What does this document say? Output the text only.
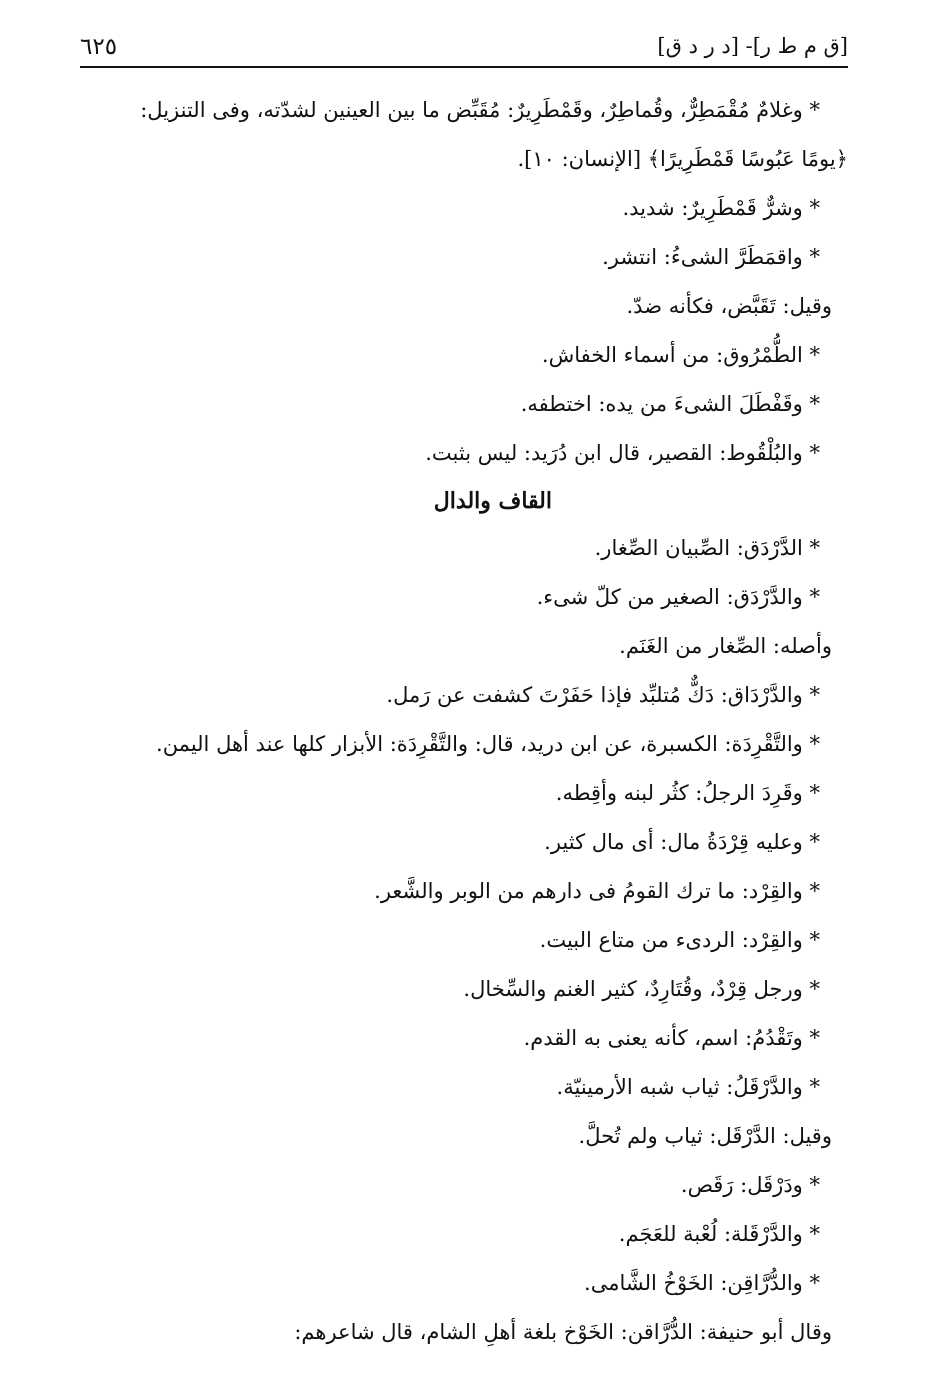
[ق م ط ر]- [د ر د ق]
٦٢٥
* وغلامٌ مُقْمَطِرٌّ، وقُماطِرٌ، وقَمْطَرِيرٌ: مُقَبِّض ما بين العينين لشدّته، وفى التنزيل:
﴿يومًا عَبُوسًا قَمْطَرِيرًا﴾ [الإنسان: ١٠].
* وشرٌّ قَمْطَرِيرٌ: شديد.
* واقمَطَرَّ الشىءُ: انتشر.
وقيل: تَقَبَّض، فكأنه ضدّ.
* الطُّمْرُوق: من أسماء الخفاش.
* وقَفْطَلَ الشىءَ من يده: اختطفه.
* والبُلْقُوط: القصير، قال ابن دُرَيد: ليس بثبت.
القاف والدال
* الدَّرْدَق: الصِّبيان الصِّغار.
* والدَّرْدَق: الصغير من كلّ شىء.
وأصله: الصِّغار من الغَنَم.
* والدَّرْدَاق: دَكٌّ مُتلبِّد فإذا حَفَرْتَ كشفت عن رَمل.
* والتَّقْرِدَة: الكسبرة، عن ابن دريد، قال: والتَّقْرِدَة: الأبزار كلها عند أهل اليمن.
* وقَرِدَ الرجلُ: كثُر لبنه وأقِطه.
* وعليه قِرْدَةُ مال: أى مال كثير.
* والقِرْد: ما ترك القومُ فى دارهم من الوبر والشَّعر.
* والقِرْد: الردىء من متاع البيت.
* ورجل قِرْدٌ، وقُتَارِدٌ، كثير الغنم والسِّخال.
* وتَقْدُمُ: اسم، كأنه يعنى به القدم.
* والدَّرْقَلُ: ثياب شبه الأرمينيّة.
وقيل: الدَّرْقَل: ثياب ولم تُحلَّ.
* ودَرْقَل: رَقَص.
* والدَّرْقَلة: لُعْبة للعَجَم.
* والدُّرَّاقِن: الخَوْخُ الشَّامى.
وقال أبو حنيفة: الدُّرَّاقن: الخَوْخ بلغة أهلِ الشام، قال شاعرهم:
